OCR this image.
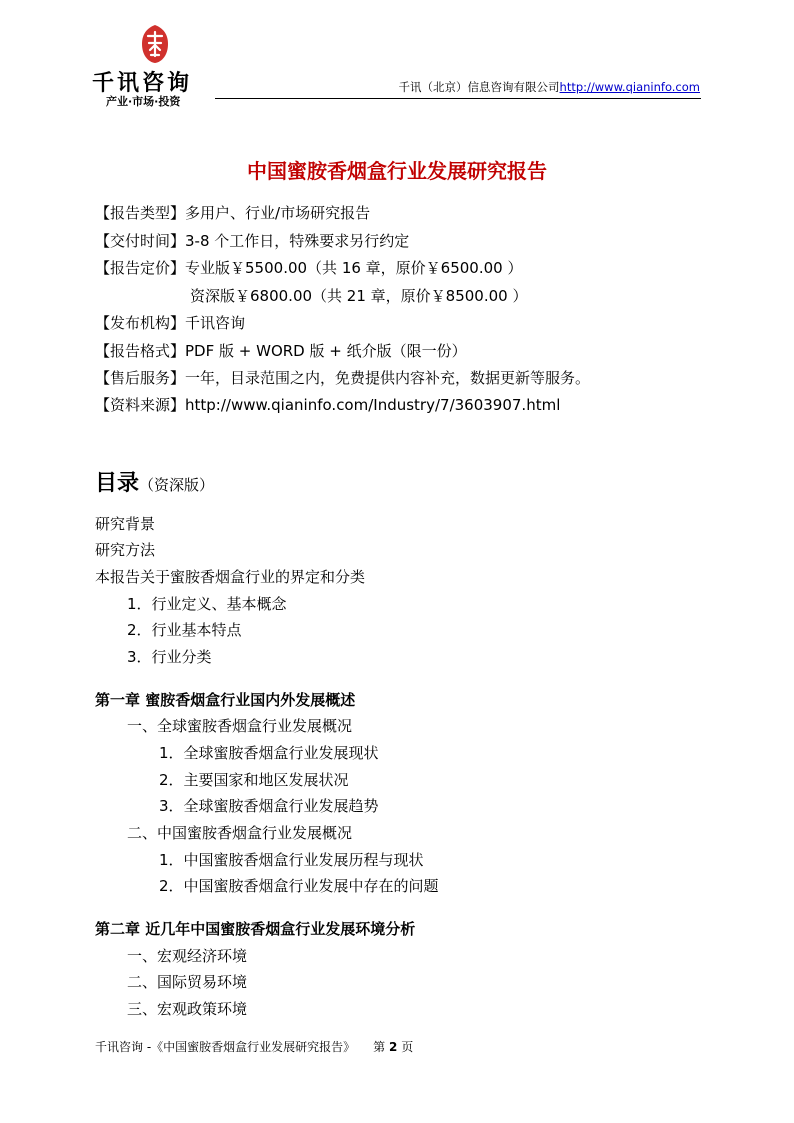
千讯咨询
产业·市场·投资
千讯（北京）信息咨询有限公司http://www.qianinfo.com
中国蜜胺香烟盒行业发展研究报告
【报告类型】多用户、行业/市场研究报告
【交付时间】3-8 个工作日，特殊要求另行约定
【报告定价】专业版￥5500.00（共 16 章，原价￥6500.00 ）
资深版￥6800.00（共 21 章，原价￥8500.00 ）
【发布机构】千讯咨询
【报告格式】PDF 版 + WORD 版 + 纸介版（限一份）
【售后服务】一年，目录范围之内，免费提供内容补充，数据更新等服务。
【资料来源】http://www.qianinfo.com/Industry/7/3603907.html
目录（资深版）
研究背景
研究方法
本报告关于蜜胺香烟盒行业的界定和分类
1．行业定义、基本概念
2．行业基本特点
3．行业分类
第一章 蜜胺香烟盒行业国内外发展概述
一、全球蜜胺香烟盒行业发展概况
1．全球蜜胺香烟盒行业发展现状
2．主要国家和地区发展状况
3．全球蜜胺香烟盒行业发展趋势
二、中国蜜胺香烟盒行业发展概况
1．中国蜜胺香烟盒行业发展历程与现状
2．中国蜜胺香烟盒行业发展中存在的问题
第二章 近几年中国蜜胺香烟盒行业发展环境分析
一、宏观经济环境
二、国际贸易环境
三、宏观政策环境
千讯咨询 -《中国蜜胺香烟盒行业发展研究报告》 第 2 页
